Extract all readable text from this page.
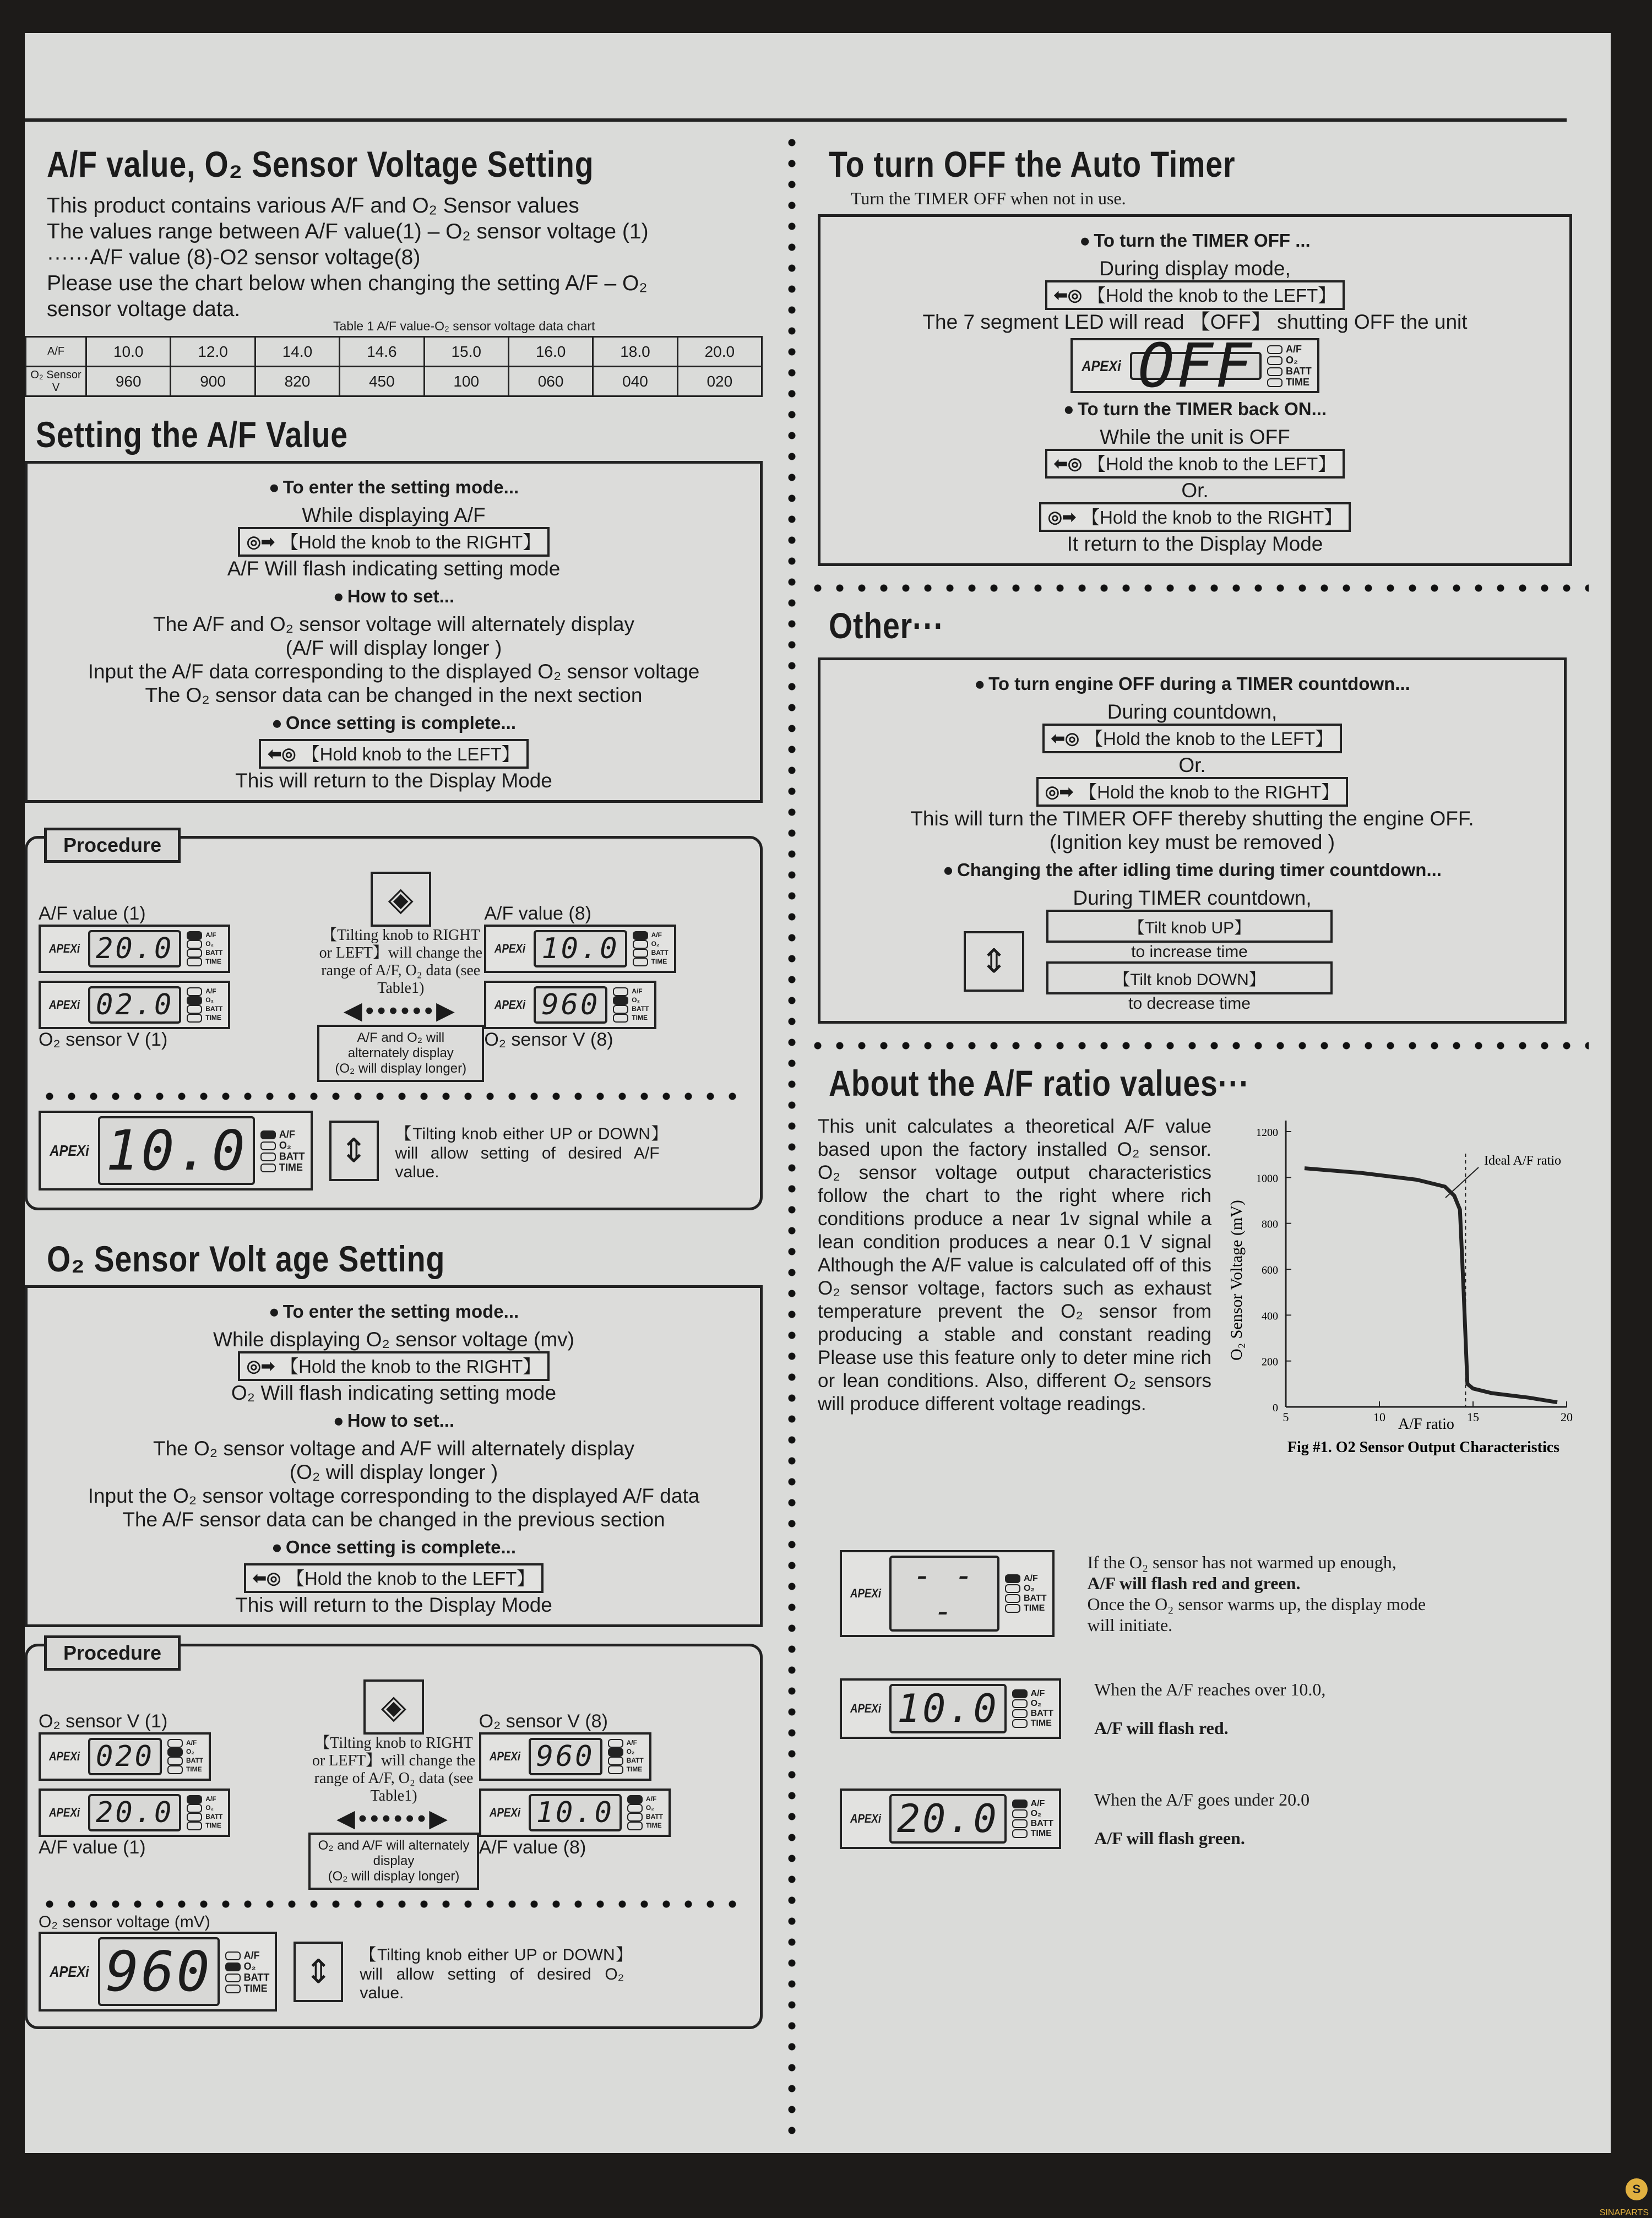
A/F value, O₂ Sensor Voltage Setting
This product contains various A/F and O₂ Sensor values
The values range between A/F value(1) – O₂ sensor voltage (1)
······A/F value (8)-O2 sensor voltage(8)
Please use the chart below when changing the setting A/F – O₂
sensor voltage data.
Table 1 A/F value-O₂ sensor voltage data chart
A/F	10.0	12.0	14.0	14.6	15.0	16.0	18.0	20.0
O₂ Sensor V	960	900	820	450	100	060	040	020
Setting the A/F Value
● To enter the setting mode...
While displaying A/F
◎➡ 【Hold the knob to the RIGHT】
A/F Will flash indicating setting mode
● How to set...
The A/F and O₂ sensor voltage will alternately display
(A/F will display longer )
Input the A/F data corresponding to the displayed O₂ sensor voltage
The O₂ sensor data can be changed in the next section
● Once setting is complete...
⬅◎ 【Hold knob to the LEFT】
This will return to the Display Mode
Procedure
A/F value (1)
APEXi 20.0	A/F
O₂
BATT
TIME

APEXi 02.0	A/F
O₂
BATT
TIME
O₂ sensor V (1)
◈
【Tilting knob to RIGHT or LEFT】will change the range of A/F, O₂ data (see Table1)
◀••••••▶
A/F and O₂ will alternately display
(O₂ will display longer)
A/F value (8)
APEXi 10.0	A/F
O₂
BATT
TIME

APEXi 960	A/F
O₂
BATT
TIME
O₂ sensor V (8)
APEXi 10.0	A/F
O₂
BATT
TIME	⇕	【Tilting knob either UP or DOWN】will allow setting of desired A/F value.
O₂ Sensor Volt age Setting
● To enter the setting mode...
While displaying O₂ sensor voltage (mv)
◎➡ 【Hold the knob to the RIGHT】
O₂ Will flash indicating setting mode
● How to set...
The O₂ sensor voltage and A/F will alternately display
(O₂ will display longer )
Input the O₂ sensor voltage corresponding to the displayed A/F data
The A/F sensor data can be changed in the previous section
● Once setting is complete...
⬅◎ 【Hold the knob to the LEFT】
This will return to the Display Mode
Procedure
O₂ sensor V (1)
APEXi 020	A/F
O₂
BATT
TIME

APEXi 20.0	A/F
O₂
BATT
TIME
A/F value (1)
◈
【Tilting knob to RIGHT or LEFT】will change the range of A/F, O₂ data (see Table1)
◀••••••▶
O₂ and A/F will alternately display
(O₂ will display longer)
O₂ sensor V (8)
APEXi 960	A/F
O₂
BATT
TIME

APEXi 10.0	A/F
O₂
BATT
TIME
A/F value (8)
O₂ sensor voltage (mV)
APEXi 960	A/F
O₂
BATT
TIME	⇕	【Tilting knob either UP or DOWN】will allow setting of desired O₂ value.
To turn OFF the Auto Timer
Turn the TIMER OFF when not in use.
● To turn the TIMER OFF ...
During display mode,
⬅◎ 【Hold the knob to the LEFT】
The 7 segment LED will read 【OFF】 shutting OFF the unit
APEXi OFF	A/F
O₂
BATT
TIME
● To turn the TIMER back ON...
While the unit is OFF
⬅◎ 【Hold the knob to the LEFT】
Or.
◎➡ 【Hold the knob to the RIGHT】
It return to the Display Mode
Other···
● To turn engine OFF during a TIMER countdown...
During countdown,
⬅◎ 【Hold the knob to the LEFT】
Or.
◎➡ 【Hold the knob to the RIGHT】
This will turn the TIMER OFF thereby shutting the engine OFF.
(Ignition key must be removed )
● Changing the after idling time during timer countdown...
During TIMER countdown,
⇕
【Tilt knob UP】
to increase time
【Tilt knob DOWN】
to decrease time
About the A/F ratio values···
This unit calculates a theoretical A/F value based upon the factory installed O₂ sensor. O₂ sensor voltage output characteristics follow the chart to the right where rich conditions produce a near 1v signal while a lean condition produces a near 0.1 V signal Although the A/F value is calculated off of this O₂ sensor voltage, factors such as exhaust temperature prevent the O₂ sensor from producing a stable and constant reading Please use this feature only to deter mine rich or lean conditions. Also, different O₂ sensors will produce different voltage readings.	0
200
400
600
800
1000
1200
5	10	15	20
Ideal A/F ratio
O₂ Sensor Voltage (mV)
A/F ratio
Fig #1. O2 Sensor Output Characteristics
APEXi	- - -
A/F
O₂
BATT
TIME
If the O₂ sensor has not warmed up enough,
A/F will flash red and green.
Once the O₂ sensor warms up, the display mode will initiate.
APEXi 10.0	A/F
O₂
BATT
TIME
When the A/F reaches over 10.0,
A/F will flash red.
APEXi 20.0	A/F
O₂
BATT
TIME
When the A/F goes under 20.0
A/F will flash green.
S
